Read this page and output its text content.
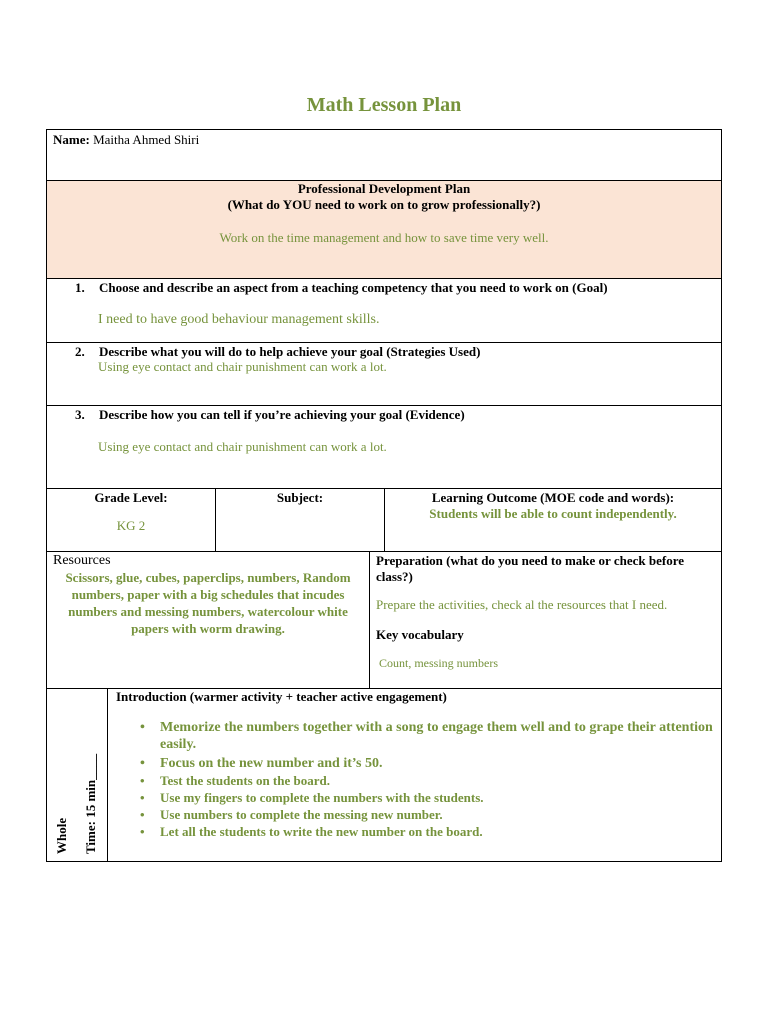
Math Lesson Plan
Name: Maitha Ahmed Shiri
Professional Development Plan
(What do YOU need to work on to grow professionally?)
Work on the time management and how to save time very well.
1. Choose and describe an aspect from a teaching competency that you need to work on (Goal)
I need to have good behaviour management skills.
2. Describe what you will do to help achieve your goal (Strategies Used)
Using eye contact and chair punishment can work a lot.
3. Describe how you can tell if you’re achieving your goal (Evidence)
Using eye contact and chair punishment can work a lot.
Grade Level:
KG 2
Subject:	Learning Outcome (MOE code and words):
Students will be able to count independently.
Resources
Scissors, glue, cubes, paperclips, numbers, Random numbers, paper with a big schedules that incudes numbers and messing numbers, watercolour white papers with worm drawing.
Preparation (what do you need to make or check before class?)
Prepare the activities, check al the resources that I need.
Key vocabulary
Count, messing numbers
Whole Time: 15 min____
Introduction (warmer activity + teacher active engagement)
• Memorize the numbers together with a song to engage them well and to grape their attention easily.
• Focus on the new number and it’s 50.
• Test the students on the board.
• Use my fingers to complete the numbers with the students.
• Use numbers to complete the messing new number.
• Let all the students to write the new number on the board.
